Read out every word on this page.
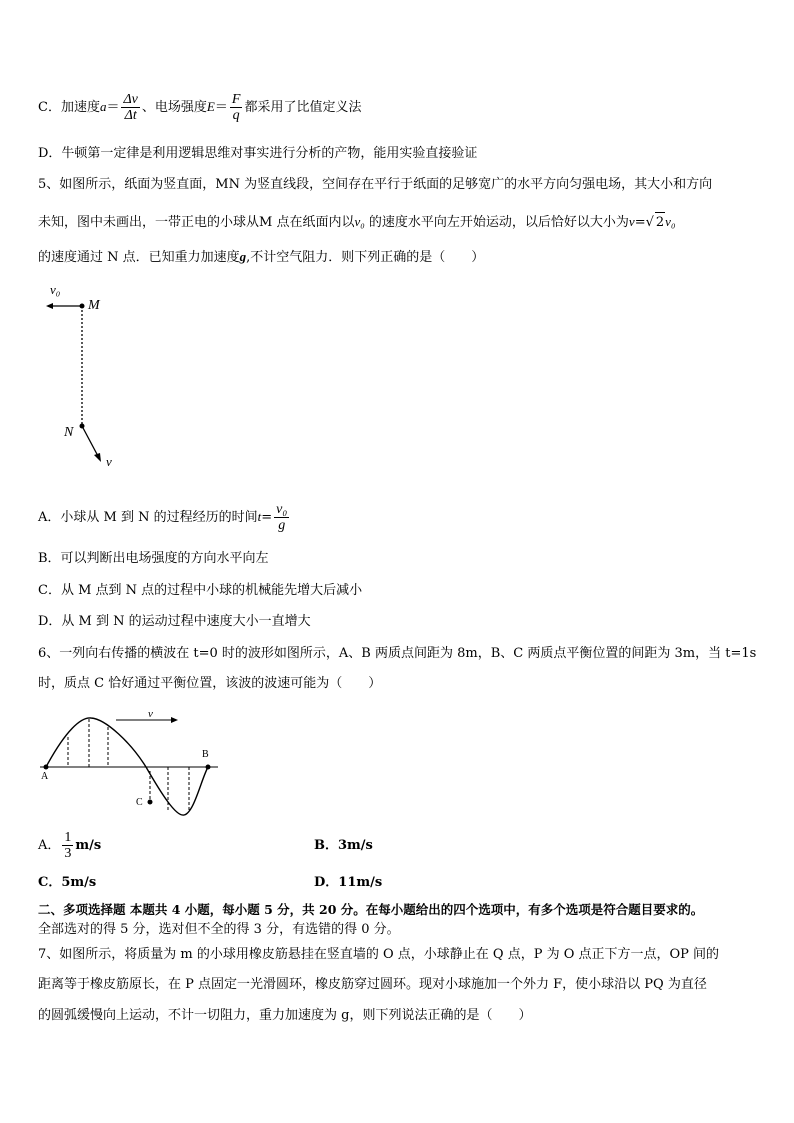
C．加速度$a= \frac{\Delta v}{\Delta t}$ 、电场强度$E= \frac{F}{q}$ 都采用了比值定义法
D．牛顿第一定律是利用逻辑思维对事实进行分析的产物，能用实验直接验证
5、如图所示，纸面为竖直面，MN 为竖直线段，空间存在平行于纸面的足够宽广的水平方向匀强电场，其大小和方向
未知，图中未画出，一带正电的小球从M 点在纸面内以v₀ 的速度水平向左开始运动，以后恰好以大小为v=√ 2v₀
的速度通过 N 点．已知重力加速度g,不计空气阻力．则下列正确的是（　　）
v₀
M
N
v
A．小球从 M 到 N 的过程经历的时间$t= \frac{\text{v₀}}{g}$
B．可以判断出电场强度的方向水平向左
C．从 M 点到 N 点的过程中小球的机械能先增大后减小
D．从 M 到 N 的运动过程中速度大小一直增大
6、一列向右传播的横波在 t=0 时的波形如图所示，A、B 两质点间距为 8m，B、C 两质点平衡位置的间距为 3m，当 t=1s
时，质点 C 恰好通过平衡位置，该波的波速可能为（　　）
v
A
B
C
A． $\frac{1}{3} m/s$	B．3m/s
C．5m/s	D．11m/s
二、多项选择题 本题共 4 小题，每小题 5 分，共 20 分。在每小题给出的四个选项中，有多个选项是符合题目要求的。
全部选对的得 5 分，选对但不全的得 3 分，有选错的得 0 分。
7、如图所示，将质量为 m 的小球用橡皮筋悬挂在竖直墙的 O 点，小球静止在 Q 点，P 为 O 点正下方一点，OP 间的
距离等于橡皮筋原长，在 P 点固定一光滑圆环，橡皮筋穿过圆环。现对小球施加一个外力 F，使小球沿以 PQ 为直径
的圆弧缓慢向上运动，不计一切阻力，重力加速度为 g，则下列说法正确的是（　　）
